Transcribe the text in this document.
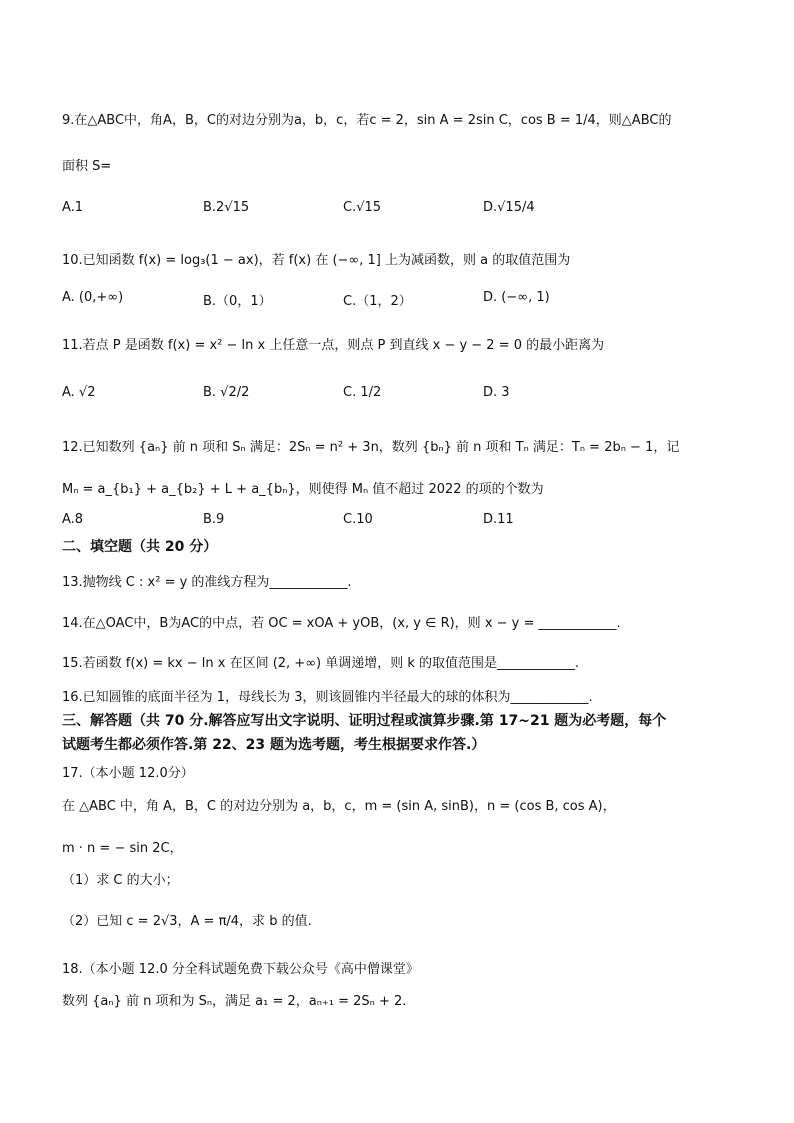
9.在△ABC中，角A，B，C的对边分别为a，b，c，若c = 2，sin A = 2sin C，cos B = 1/4，则△ABC的
面积 S=
A.1	B.2√15	C.√15	D.√15/4
10.已知函数 f(x) = log₃(1 − ax)，若 f(x) 在 (−∞, 1] 上为减函数，则 a 的取值范围为
A. (0,+∞)	B.（0，1）	C.（1，2）	D. (−∞, 1)
11.若点 P 是函数 f(x) = x² − ln x 上任意一点，则点 P 到直线 x − y − 2 = 0 的最小距离为
A. √2	B. √2/2	C. 1/2	D. 3
12.已知数列 {aₙ} 前 n 项和 Sₙ 满足：2Sₙ = n² + 3n，数列 {bₙ} 前 n 项和 Tₙ 满足：Tₙ = 2bₙ − 1，记
Mₙ = a_{b₁} + a_{b₂} + L + a_{bₙ}，则使得 Mₙ 值不超过 2022 的项的个数为
A.8	B.9	C.10	D.11
二、填空题（共 20 分）
13.抛物线 C : x² = y 的准线方程为____________.
14.在△OAC中，B为AC的中点，若 OC = xOA + yOB，(x, y ∈ R)，则 x − y = ____________.
15.若函数 f(x) = kx − ln x 在区间 (2, +∞) 单调递增，则 k 的取值范围是____________.
16.已知圆锥的底面半径为 1，母线长为 3，则该圆锥内半径最大的球的体积为____________.
三、解答题（共 70 分.解答应写出文字说明、证明过程或演算步骤.第 17~21 题为必考题，每个
试题考生都必须作答.第 22、23 题为选考题，考生根据要求作答.）
17.（本小题 12.0分）
在 △ABC 中，角 A，B，C 的对边分别为 a，b，c，m = (sin A, sinB)，n = (cos B, cos A)，
m · n = − sin 2C，
（1）求 C 的大小；
（2）已知 c = 2√3，A = π/4，求 b 的值.
18.（本小题 12.0 分全科试题免费下载公众号《高中僧课堂》
数列 {aₙ} 前 n 项和为 Sₙ，满足 a₁ = 2，aₙ₊₁ = 2Sₙ + 2.
